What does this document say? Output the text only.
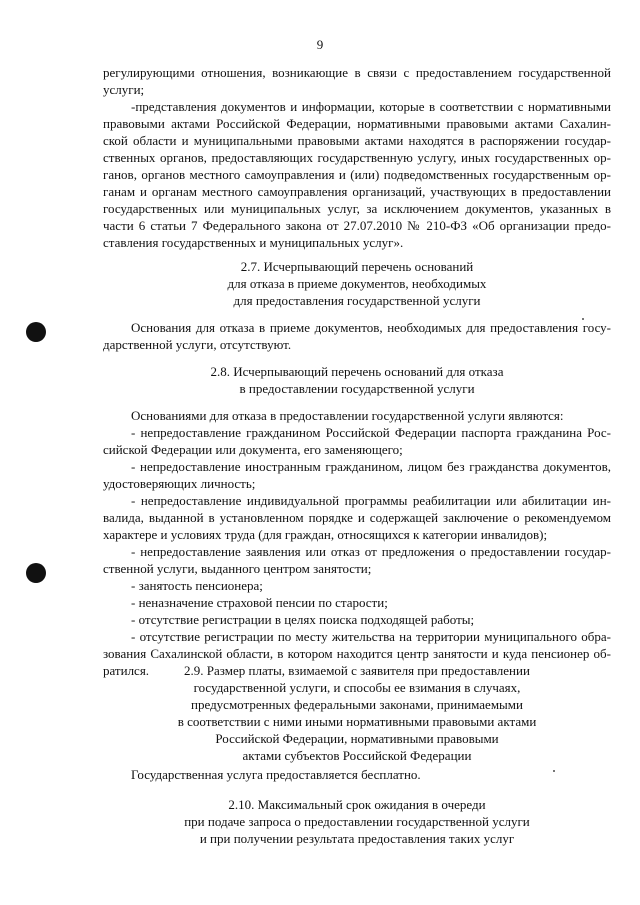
9
регулирующими отношения, возникающие в связи с предоставлением государственной
услуги;
-представления документов и информации, которые в соответствии с нормативными
правовыми актами Российской Федерации, нормативными правовыми актами Сахалин-
ской области и муниципальными правовыми актами находятся в распоряжении государ-
ственных органов, предоставляющих государственную услугу, иных государственных ор-
ганов, органов местного самоуправления и (или) подведомственных государственным ор-
ганам и органам местного самоуправления организаций, участвующих в предоставлении
государственных или муниципальных услуг, за исключением документов, указанных в
части 6 статьи 7 Федерального закона от 27.07.2010 № 210-ФЗ «Об организации предо-
ставления государственных и муниципальных услуг».
2.7. Исчерпывающий перечень оснований
для отказа в приеме документов, необходимых
для предоставления государственной услуги
Основания для отказа в приеме документов, необходимых для предоставления госу-
дарственной услуги, отсутствуют.
2.8. Исчерпывающий перечень оснований для отказа
в предоставлении государственной услуги
Основаниями для отказа в предоставлении государственной услуги являются:
- непредоставление гражданином Российской Федерации паспорта гражданина Рос-
сийской Федерации или документа, его заменяющего;
- непредоставление иностранным гражданином, лицом без гражданства документов,
удостоверяющих личность;
- непредоставление индивидуальной программы реабилитации или абилитации ин-
валида, выданной в установленном порядке и содержащей заключение о рекомендуемом
характере и условиях труда (для граждан, относящихся к категории инвалидов);
- непредоставление заявления или отказ от предложения о предоставлении государ-
ственной услуги, выданного центром занятости;
- занятость пенсионера;
- неназначение страховой пенсии по старости;
- отсутствие регистрации в целях поиска подходящей работы;
- отсутствие регистрации по месту жительства на территории муниципального обра-
зования Сахалинской области, в котором находится центр занятости и куда пенсионер об-
ратился.	2.9. Размер платы, взимаемой с заявителя при предоставлении
государственной услуги, и способы ее взимания в случаях,
предусмотренных федеральными законами, принимаемыми
в соответствии с ними иными нормативными правовыми актами
Российской Федерации, нормативными правовыми
актами субъектов Российской Федерации
Государственная услуга предоставляется бесплатно.
2.10. Максимальный срок ожидания в очереди
при подаче запроса о предоставлении государственной услуги
и при получении результата предоставления таких услуг
